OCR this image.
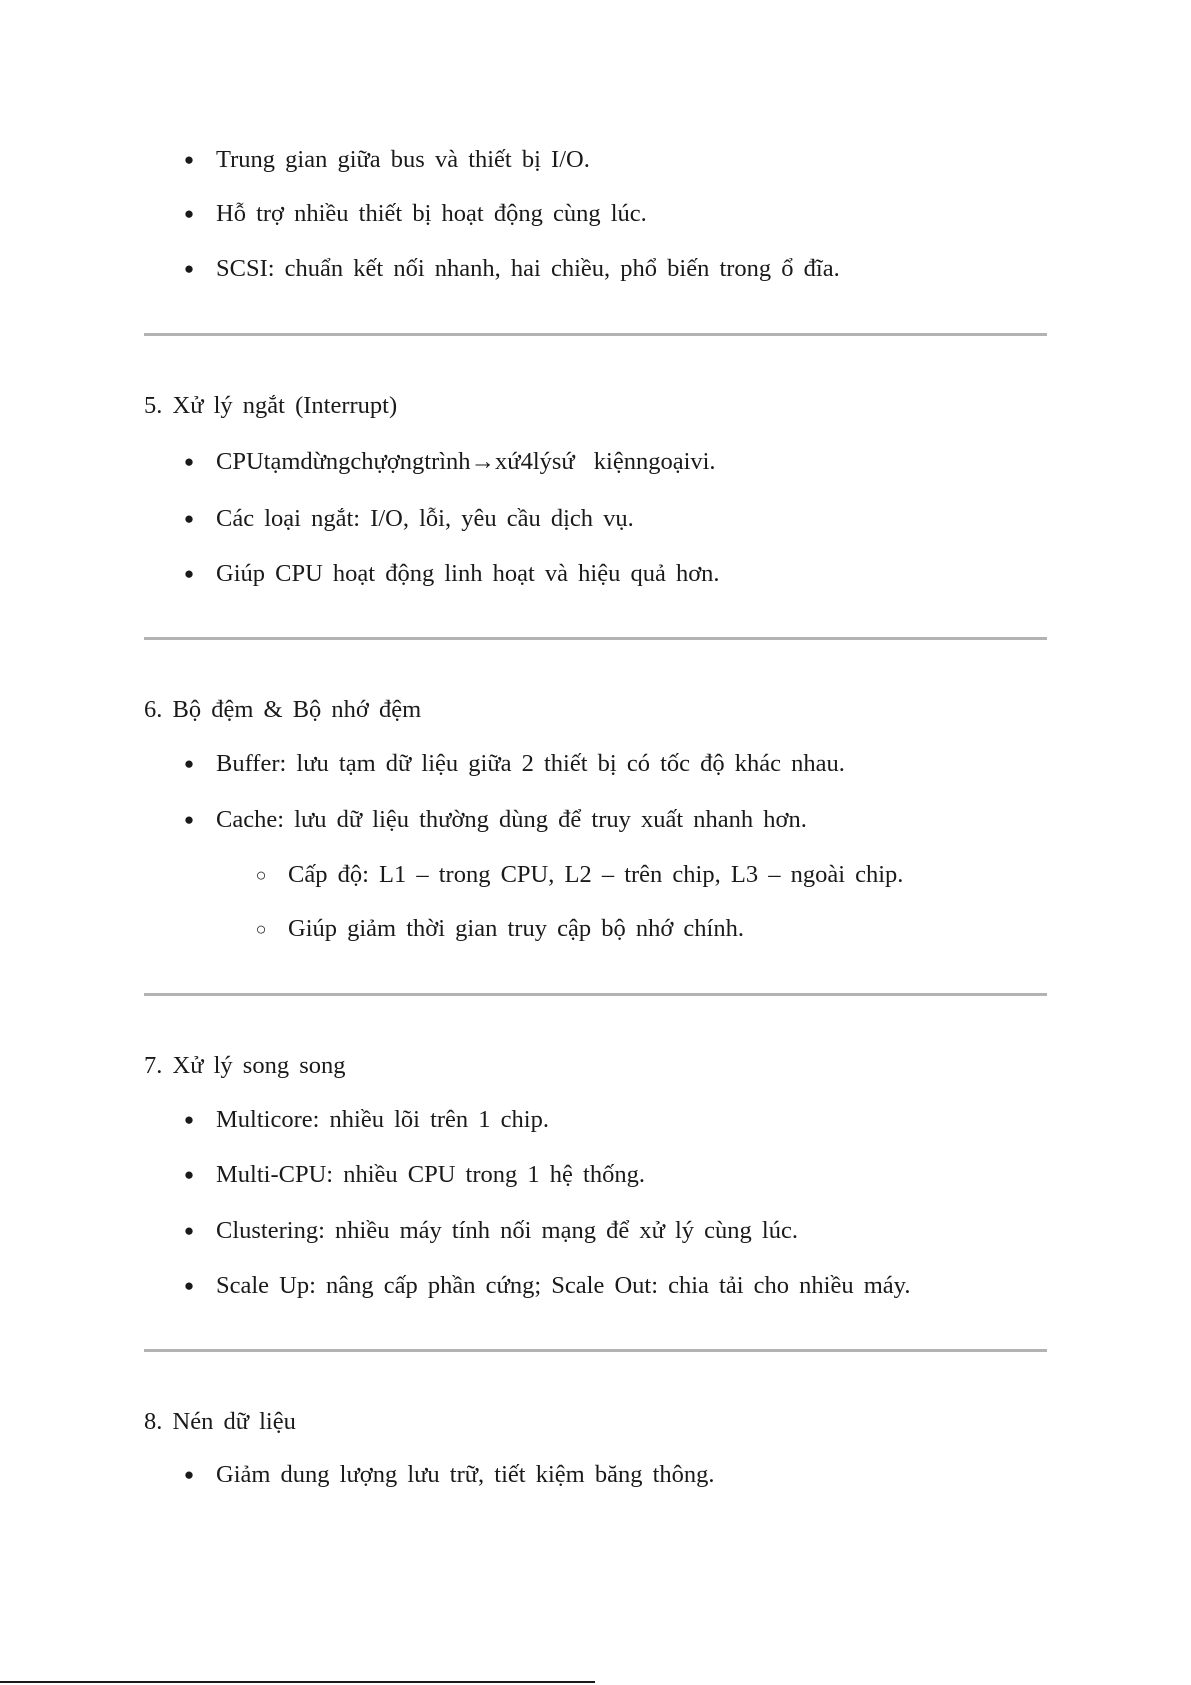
● Trung gian giữa bus và thiết bị I/O.
● Hỗ trợ nhiều thiết bị hoạt động cùng lúc.
● SCSI: chuẩn kết nối nhanh, hai chiều, phổ biến trong ổ đĩa.
5. Xử lý ngắt (Interrupt)
● CPUtạmdừngchựợngtrình→xứ4lýsứ kiệnngoạivi.
● Các loại ngắt: I/O, lỗi, yêu cầu dịch vụ.
● Giúp CPU hoạt động linh hoạt và hiệu quả hơn.
6. Bộ đệm & Bộ nhớ đệm
● Buffer: lưu tạm dữ liệu giữa 2 thiết bị có tốc độ khác nhau.
● Cache: lưu dữ liệu thường dùng để truy xuất nhanh hơn.
○ Cấp độ: L1 – trong CPU, L2 – trên chip, L3 – ngoài chip.
○ Giúp giảm thời gian truy cập bộ nhớ chính.
7. Xử lý song song
● Multicore: nhiều lõi trên 1 chip.
● Multi-CPU: nhiều CPU trong 1 hệ thống.
● Clustering: nhiều máy tính nối mạng để xử lý cùng lúc.
● Scale Up: nâng cấp phần cứng; Scale Out: chia tải cho nhiều máy.
8. Nén dữ liệu
● Giảm dung lượng lưu trữ, tiết kiệm băng thông.
